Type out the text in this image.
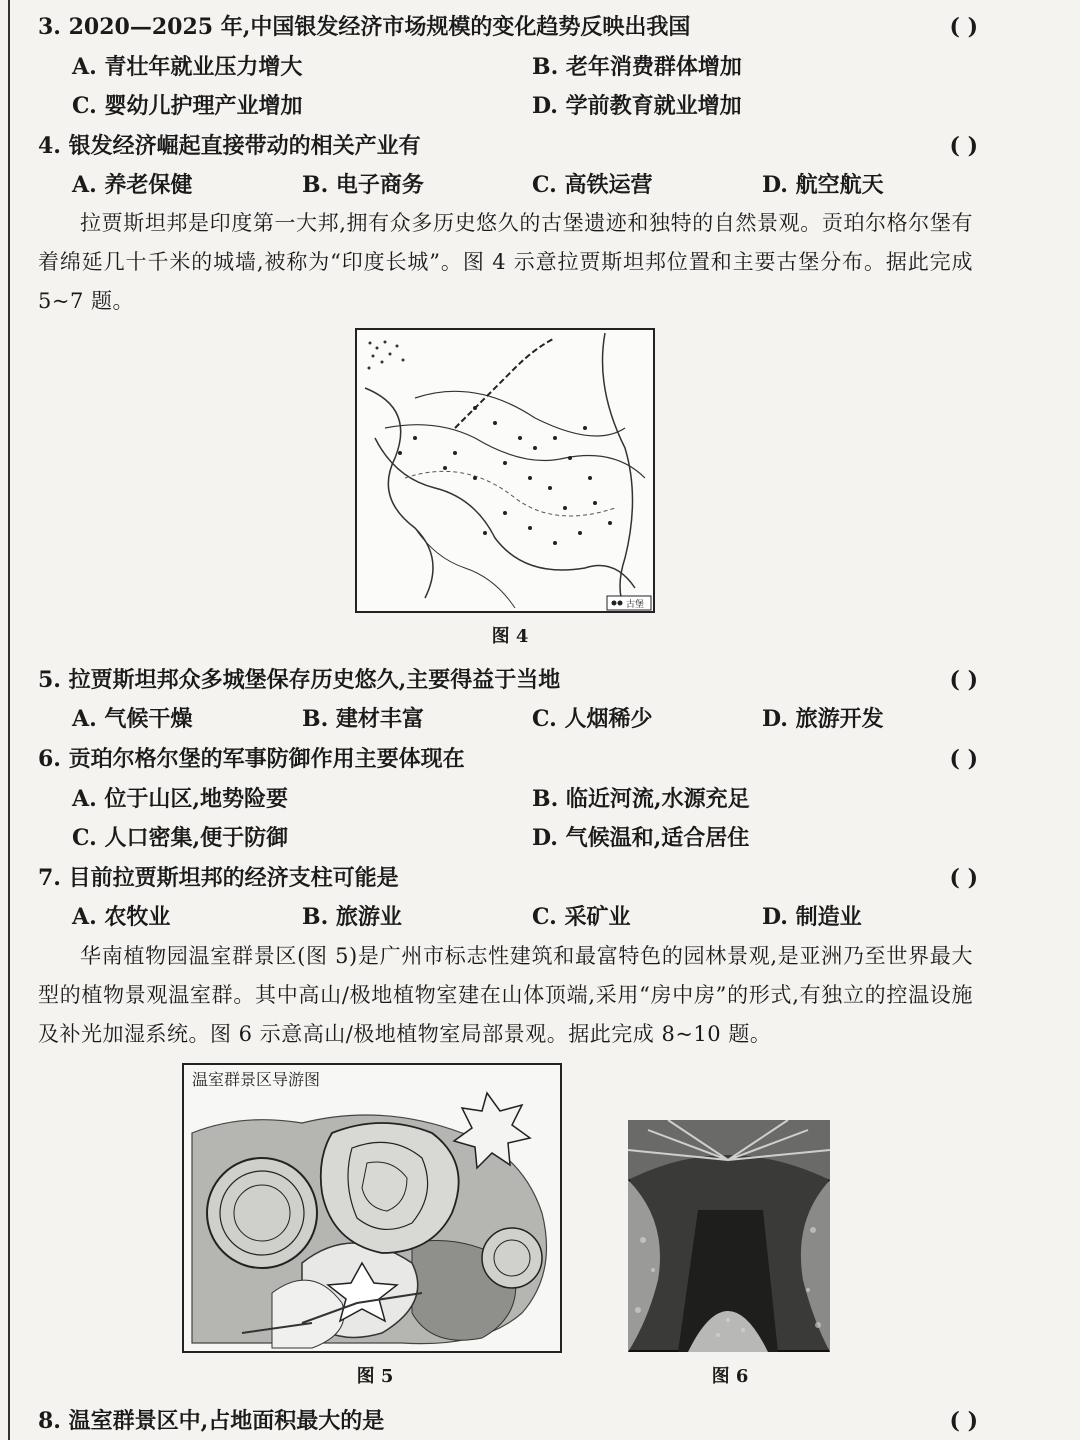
3. 2020—2025 年,中国银发经济市场规模的变化趋势反映出我国	( )
A. 青壮年就业压力增大	B. 老年消费群体增加
C. 婴幼儿护理产业增加	D. 学前教育就业增加
4. 银发经济崛起直接带动的相关产业有	( )
A. 养老保健	B. 电子商务	C. 高铁运营	D. 航空航天
拉贾斯坦邦是印度第一大邦,拥有众多历史悠久的古堡遗迹和独特的自然景观。贡珀尔格尔堡有着绵延几十千米的城墙,被称为“印度长城”。图 4 示意拉贾斯坦邦位置和主要古堡分布。据此完成 5~7 题。
古堡
图 4
5. 拉贾斯坦邦众多城堡保存历史悠久,主要得益于当地	( )
A. 气候干燥	B. 建材丰富	C. 人烟稀少	D. 旅游开发
6. 贡珀尔格尔堡的军事防御作用主要体现在	( )
A. 位于山区,地势险要	B. 临近河流,水源充足
C. 人口密集,便于防御	D. 气候温和,适合居住
7. 目前拉贾斯坦邦的经济支柱可能是	( )
A. 农牧业	B. 旅游业	C. 采矿业	D. 制造业
华南植物园温室群景区(图 5)是广州市标志性建筑和最富特色的园林景观,是亚洲乃至世界最大型的植物景观温室群。其中高山/极地植物室建在山体顶端,采用“房中房”的形式,有独立的控温设施及补光加湿系统。图 6 示意高山/极地植物室局部景观。据此完成 8~10 题。
温室群景区导游图
图 5	图 6
8. 温室群景区中,占地面积最大的是	( )
